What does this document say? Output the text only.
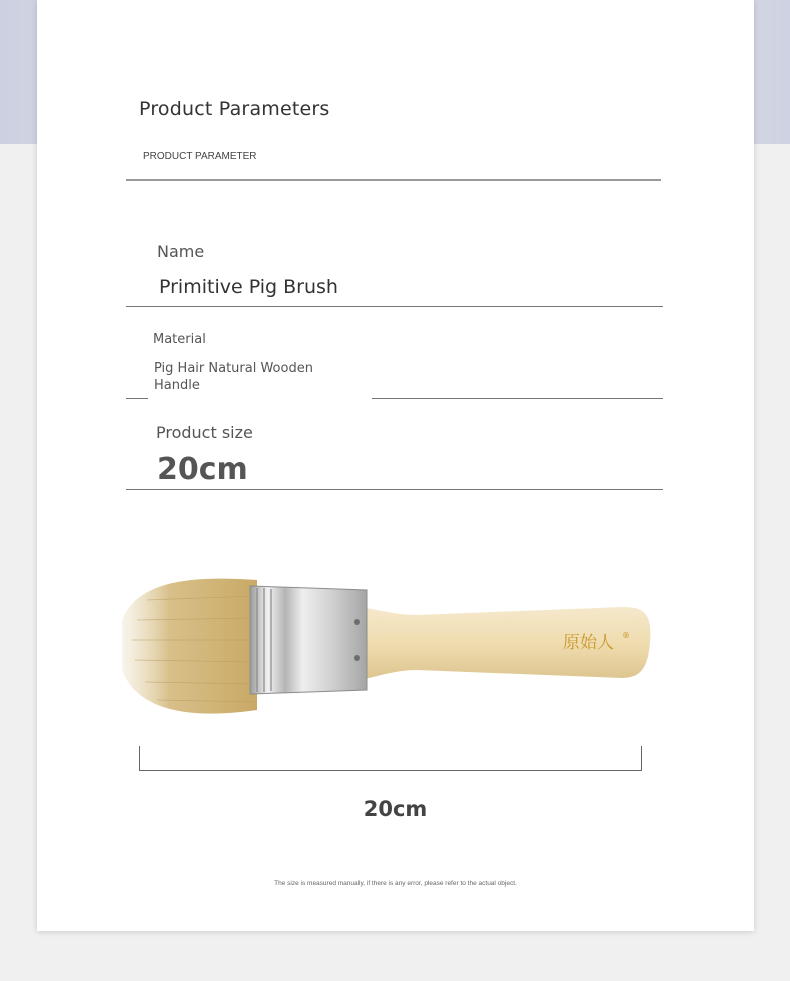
Product Parameters
PRODUCT PARAMETER
Name
Primitive Pig Brush
Material
Pig Hair Natural Wooden Handle
Product size
20cm
原始人 ®
20cm
The size is measured manually, if there is any error, please refer to the actual object.
